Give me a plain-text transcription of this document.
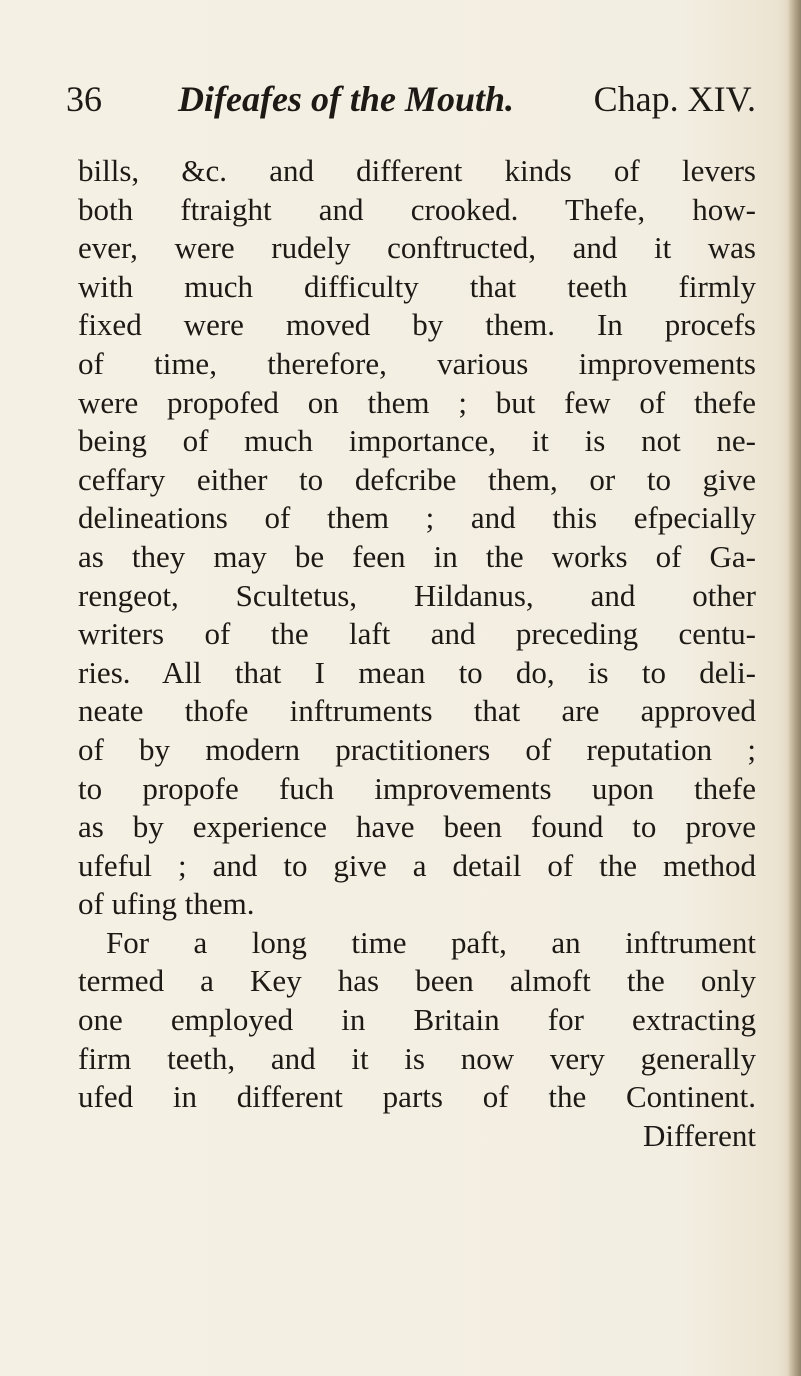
36 Difeafes of the Mouth. Chap. XIV.
bills, &c. and different kinds of levers
both ftraight and crooked. Thefe, how-
ever, were rudely conftructed, and it was
with much difficulty that teeth firmly
fixed were moved by them. In procefs
of time, therefore, various improvements
were propofed on them ; but few of thefe
being of much importance, it is not ne-
ceffary either to defcribe them, or to give
delineations of them ; and this efpecially
as they may be feen in the works of Ga-
rengeot, Scultetus, Hildanus, and other
writers of the laft and preceding centu-
ries. All that I mean to do, is to deli-
neate thofe inftruments that are approved
of by modern practitioners of reputation ;
to propofe fuch improvements upon thefe
as by experience have been found to prove
ufeful ; and to give a detail of the method
of ufing them.
For a long time paft, an inftrument
termed a Key has been almoft the only
one employed in Britain for extracting
firm teeth, and it is now very generally
ufed in different parts of the Continent.
Different
